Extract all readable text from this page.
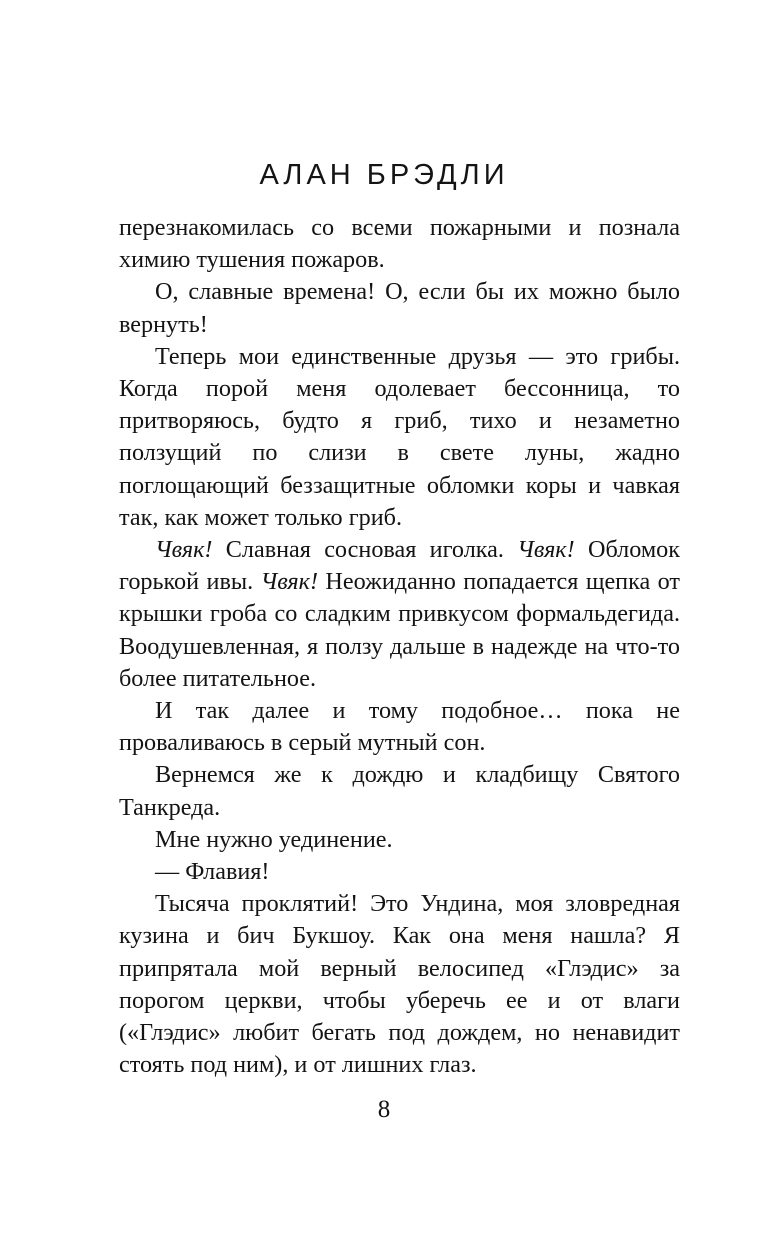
АЛАН БРЭДЛИ

перезнакомилась со всеми пожарными и познала химию тушения пожаров.

О, славные времена! О, если бы их можно было вернуть!

Теперь мои единственные друзья — это грибы. Когда порой меня одолевает бессонница, то притворяюсь, будто я гриб, тихо и незаметно ползущий по слизи в свете луны, жадно поглощающий беззащитные обломки коры и чавкая так, как может только гриб.

Чвяк! Славная сосновая иголка. Чвяк! Обломок горькой ивы. Чвяк! Неожиданно попадается щепка от крышки гроба со сладким привкусом формальдегида. Воодушевленная, я ползу дальше в надежде на что-то более питательное.

И так далее и тому подобное… пока не проваливаюсь в серый мутный сон.

Вернемся же к дождю и кладбищу Святого Танкреда.

Мне нужно уединение.

— Флавия!

Тысяча проклятий! Это Ундина, моя зловредная кузина и бич Букшоу. Как она меня нашла? Я припрятала мой верный велосипед «Глэдис» за порогом церкви, чтобы уберечь ее и от влаги («Глэдис» любит бегать под дождем, но ненавидит стоять под ним), и от лишних глаз.

8
